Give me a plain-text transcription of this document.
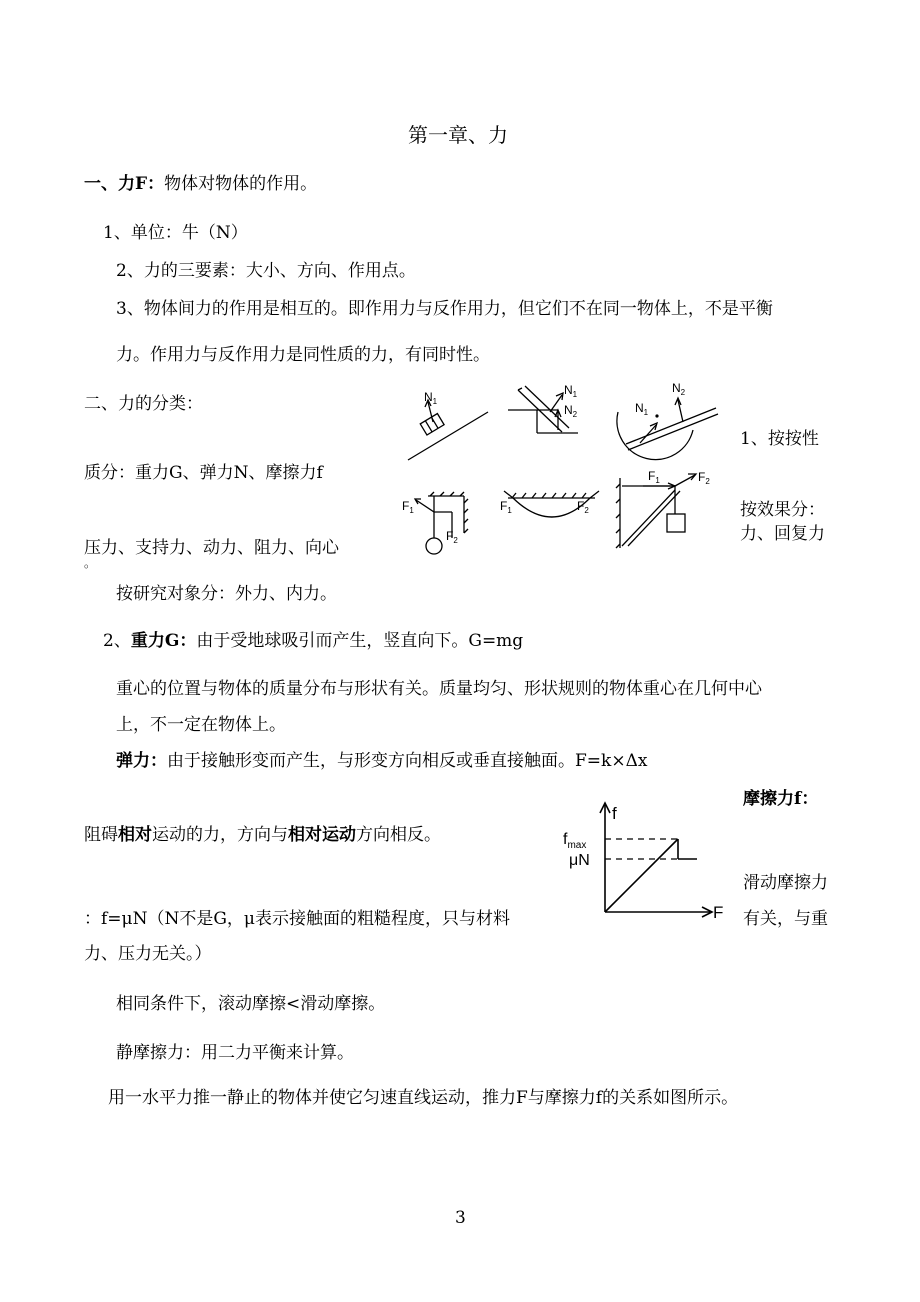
第一章、力
一、力F：物体对物体的作用。
1、单位：牛（N）
2、力的三要素：大小、方向、作用点。
3、物体间力的作用是相互的。即作用力与反作用力，但它们不在同一物体上，不是平衡
力。作用力与反作用力是同性质的力，有同时性。
二、力的分类：
质分：重力G、弹力N、摩擦力f
压力、支持力、动力、阻力、向心
。
按研究对象分：外力、内力。
1、按按性
按效果分：
力、回复力
$N_1$
$N_1$
$N_2$	$N_1$
$N_2$
$F_1$
$F_2$
$F_1$	$F_2$
$F_1$	$F_2$
2、重力G：由于受地球吸引而产生，竖直向下。G=mg
重心的位置与物体的质量分布与形状有关。质量均匀、形状规则的物体重心在几何中心
上，不一定在物体上。
弹力：由于接触形变而产生，与形变方向相反或垂直接触面。F=k×Δx
摩擦力f：
阻碍相对运动的力，方向与相对运动方向相反。
滑动摩擦力
f
F
$f_{max}$
μN
：f=μN（N不是G，μ表示接触面的粗糙程度，只与材料	有关，与重
力、压力无关。）
相同条件下，滚动摩擦<滑动摩擦。
静摩擦力：用二力平衡来计算。
用一水平力推一静止的物体并使它匀速直线运动，推力F与摩擦力f的关系如图所示。
3
